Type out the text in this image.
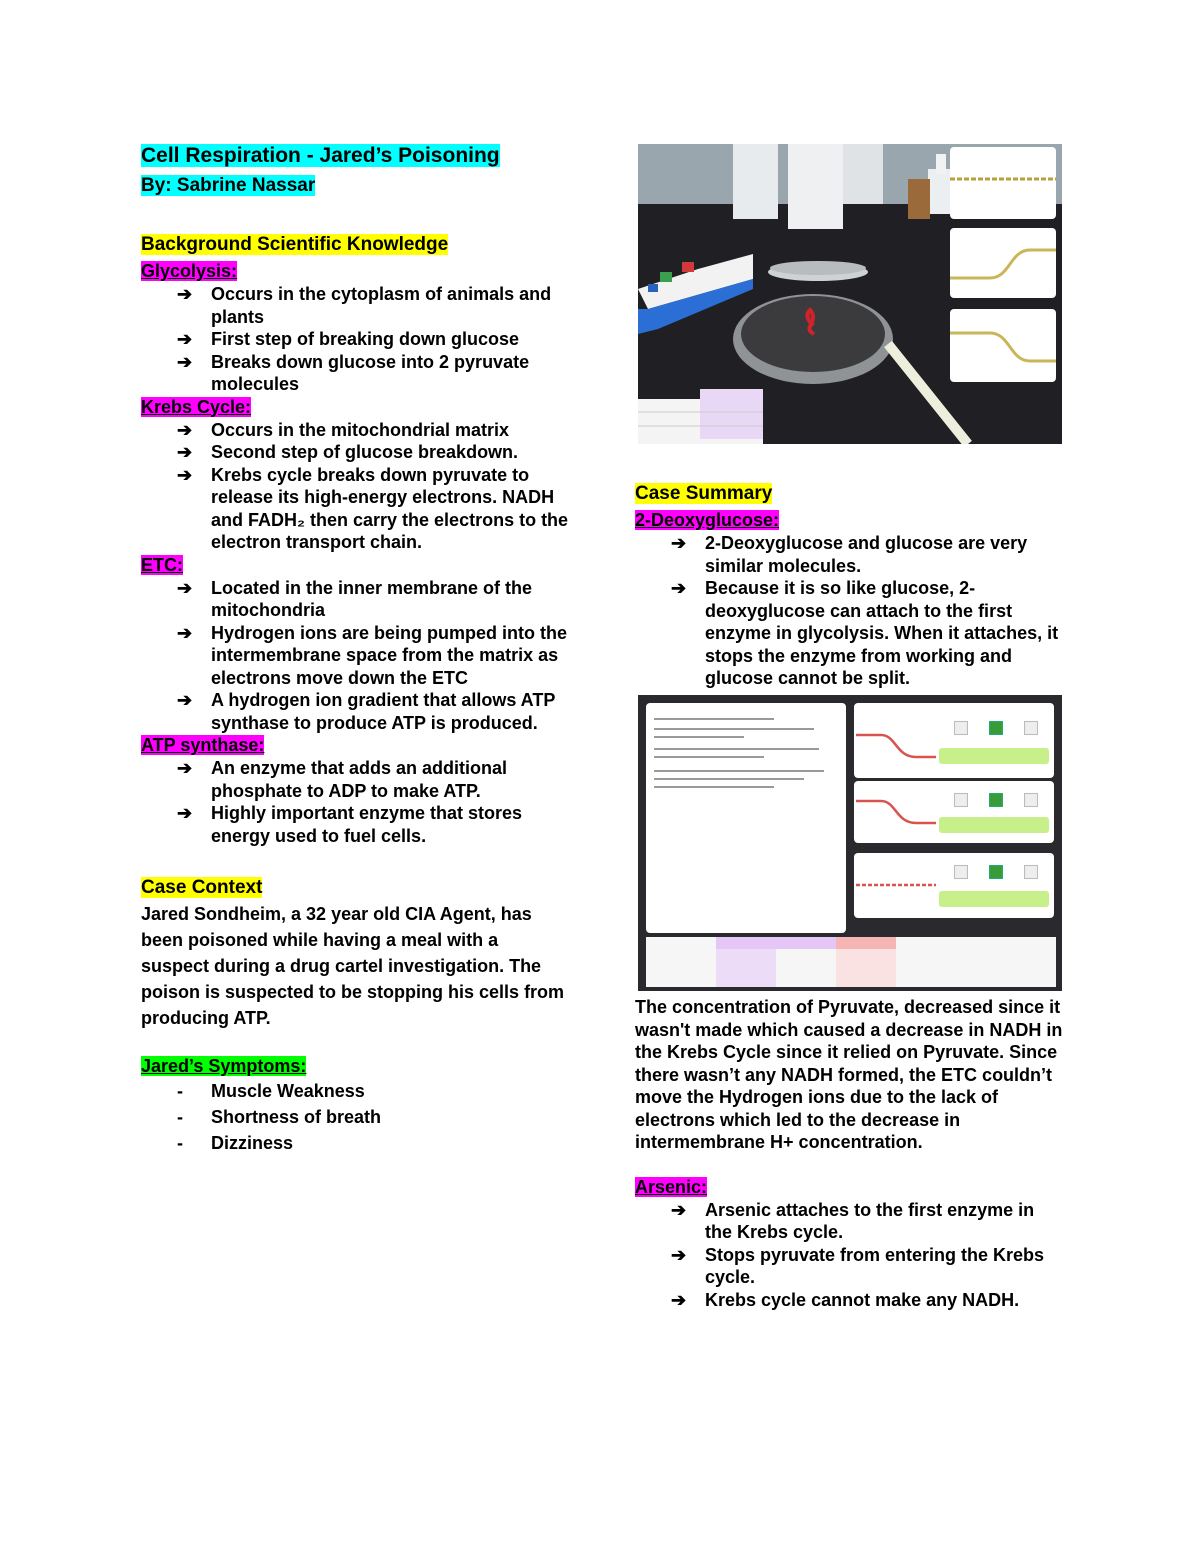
Cell Respiration - Jared’s Poisoning
By: Sabrine Nassar
Background Scientific Knowledge
Glycolysis:
➔ Occurs in the cytoplasm of animals and plants
➔ First step of breaking down glucose
➔ Breaks down glucose into 2 pyruvate molecules
Krebs Cycle:
➔ Occurs in the mitochondrial matrix
➔ Second step of glucose breakdown.
➔ Krebs cycle breaks down pyruvate to release its high-energy electrons. NADH and FADH₂ then carry the electrons to the electron transport chain.
ETC:
➔ Located in the inner membrane of the mitochondria
➔ Hydrogen ions are being pumped into the intermembrane space from the matrix as electrons move down the ETC
➔ A hydrogen ion gradient that allows ATP synthase to produce ATP is produced.
ATP synthase:
➔ An enzyme that adds an additional phosphate to ADP to make ATP.
➔ Highly important enzyme that stores energy used to fuel cells.
Case Context

Jared Sondheim, a 32 year old CIA Agent, has been poisoned while having a meal with a suspect during a drug cartel investigation. The poison is suspected to be stopping his cells from producing ATP.

Jared’s Symptoms:
- Muscle Weakness
- Shortness of breath
- Dizziness
Case Summary
2-Deoxyglucose:
➔ 2-Deoxyglucose and glucose are very similar molecules.
➔ Because it is so like glucose, 2-deoxyglucose can attach to the first enzyme in glycolysis. When it attaches, it stops the enzyme from working and glucose cannot be split.

The concentration of Pyruvate, decreased since it wasn't made which caused a decrease in NADH in the Krebs Cycle since it relied on Pyruvate. Since there wasn’t any NADH formed, the ETC couldn’t move the Hydrogen ions due to the lack of electrons which led to the decrease in intermembrane H+ concentration.

Arsenic:
➔ Arsenic attaches to the first enzyme in the Krebs cycle.
➔ Stops pyruvate from entering the Krebs cycle.
➔ Krebs cycle cannot make any NADH.
